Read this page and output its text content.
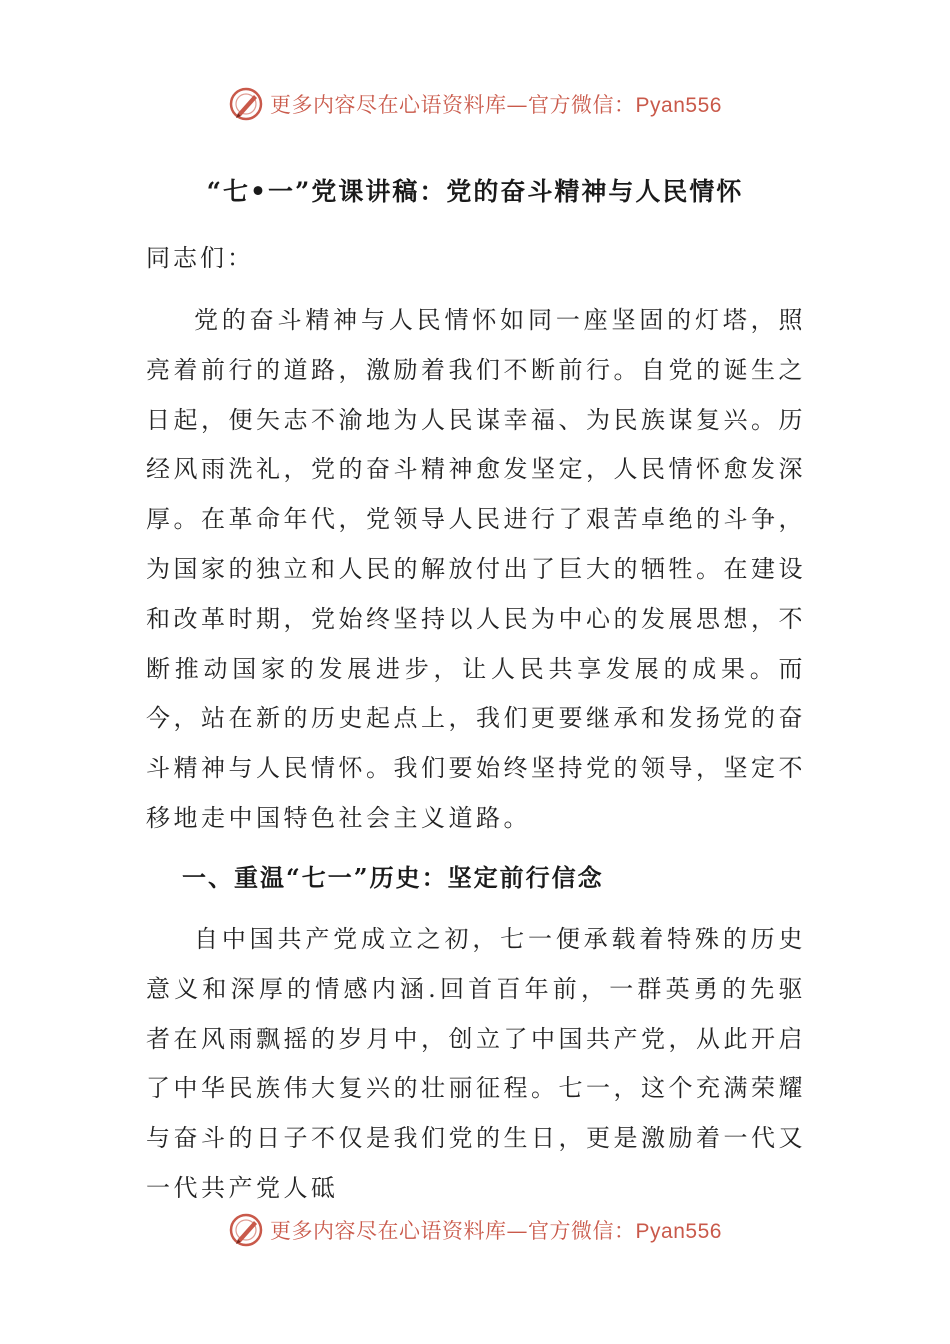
更多内容尽在心语资料库—官方微信：Pyan556
“七•一”党课讲稿：党的奋斗精神与人民情怀
同志们：

党的奋斗精神与人民情怀如同一座坚固的灯塔，照亮着前行的道路，激励着我们不断前行。自党的诞生之日起，便矢志不渝地为人民谋幸福、为民族谋复兴。历经风雨洗礼，党的奋斗精神愈发坚定，人民情怀愈发深厚。在革命年代，党领导人民进行了艰苦卓绝的斗争，为国家的独立和人民的解放付出了巨大的牺牲。在建设和改革时期，党始终坚持以人民为中心的发展思想，不断推动国家的发展进步，让人民共享发展的成果。而今，站在新的历史起点上，我们更要继承和发扬党的奋斗精神与人民情怀。我们要始终坚持党的领导，坚定不移地走中国特色社会主义道路。

一、重温“七一”历史：坚定前行信念

自中国共产党成立之初，七一便承载着特殊的历史意义和深厚的情感内涵.回首百年前，一群英勇的先驱者在风雨飘摇的岁月中，创立了中国共产党，从此开启了中华民族伟大复兴的壮丽征程。七一，这个充满荣耀与奋斗的日子不仅是我们党的生日，更是激励着一代又一代共产党人砥

更多内容尽在心语资料库—官方微信：Pyan556
